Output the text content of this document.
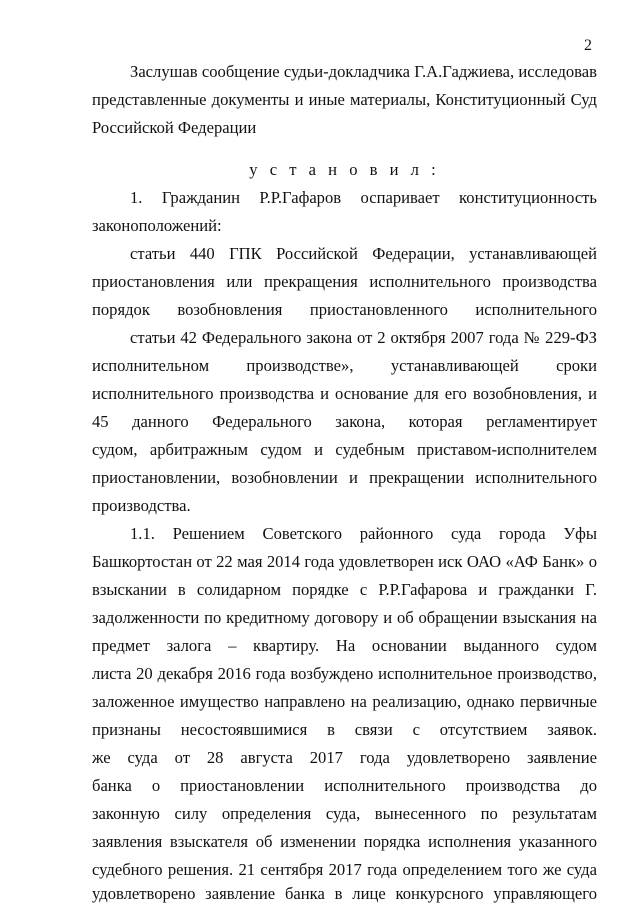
2
Заслушав сообщение судьи-докладчика Г.А.Гаджиева, исследовав
представленные документы и иные материалы, Конституционный Суд
Российской Федерации
у с т а н о в и л :
1. Гражданин Р.Р.Гафаров оспаривает конституционность
законоположений:
статьи 440 ГПК Российской Федерации, устанавливающей
приостановления или прекращения исполнительного производства
порядок возобновления приостановленного исполнительного
статьи 42 Федерального закона от 2 октября 2007 года № 229-ФЗ
исполнительном производстве», устанавливающей сроки
исполнительного производства и основание для его возобновления, и
45 данного Федерального закона, которая регламентирует
судом, арбитражным судом и судебным приставом-исполнителем
приостановлении, возобновлении и прекращении исполнительного
производства.
1.1. Решением Советского районного суда города Уфы
Башкортостан от 22 мая 2014 года удовлетворен иск ОАО «АФ Банк» о
взыскании в солидарном порядке с Р.Р.Гафарова и гражданки Г.
задолженности по кредитному договору и об обращении взыскания на
предмет залога – квартиру. На основании выданного судом
листа 20 декабря 2016 года возбуждено исполнительное производство,
заложенное имущество направлено на реализацию, однако первичные
признаны несостоявшимися в связи с отсутствием заявок.
же суда от 28 августа 2017 года удовлетворено заявление
банка о приостановлении исполнительного производства до
законную силу определения суда, вынесенного по результатам
заявления взыскателя об изменении порядка исполнения указанного
судебного решения. 21 сентября 2017 года определением того же суда
удовлетворено заявление банка в лице конкурсного управляющего
